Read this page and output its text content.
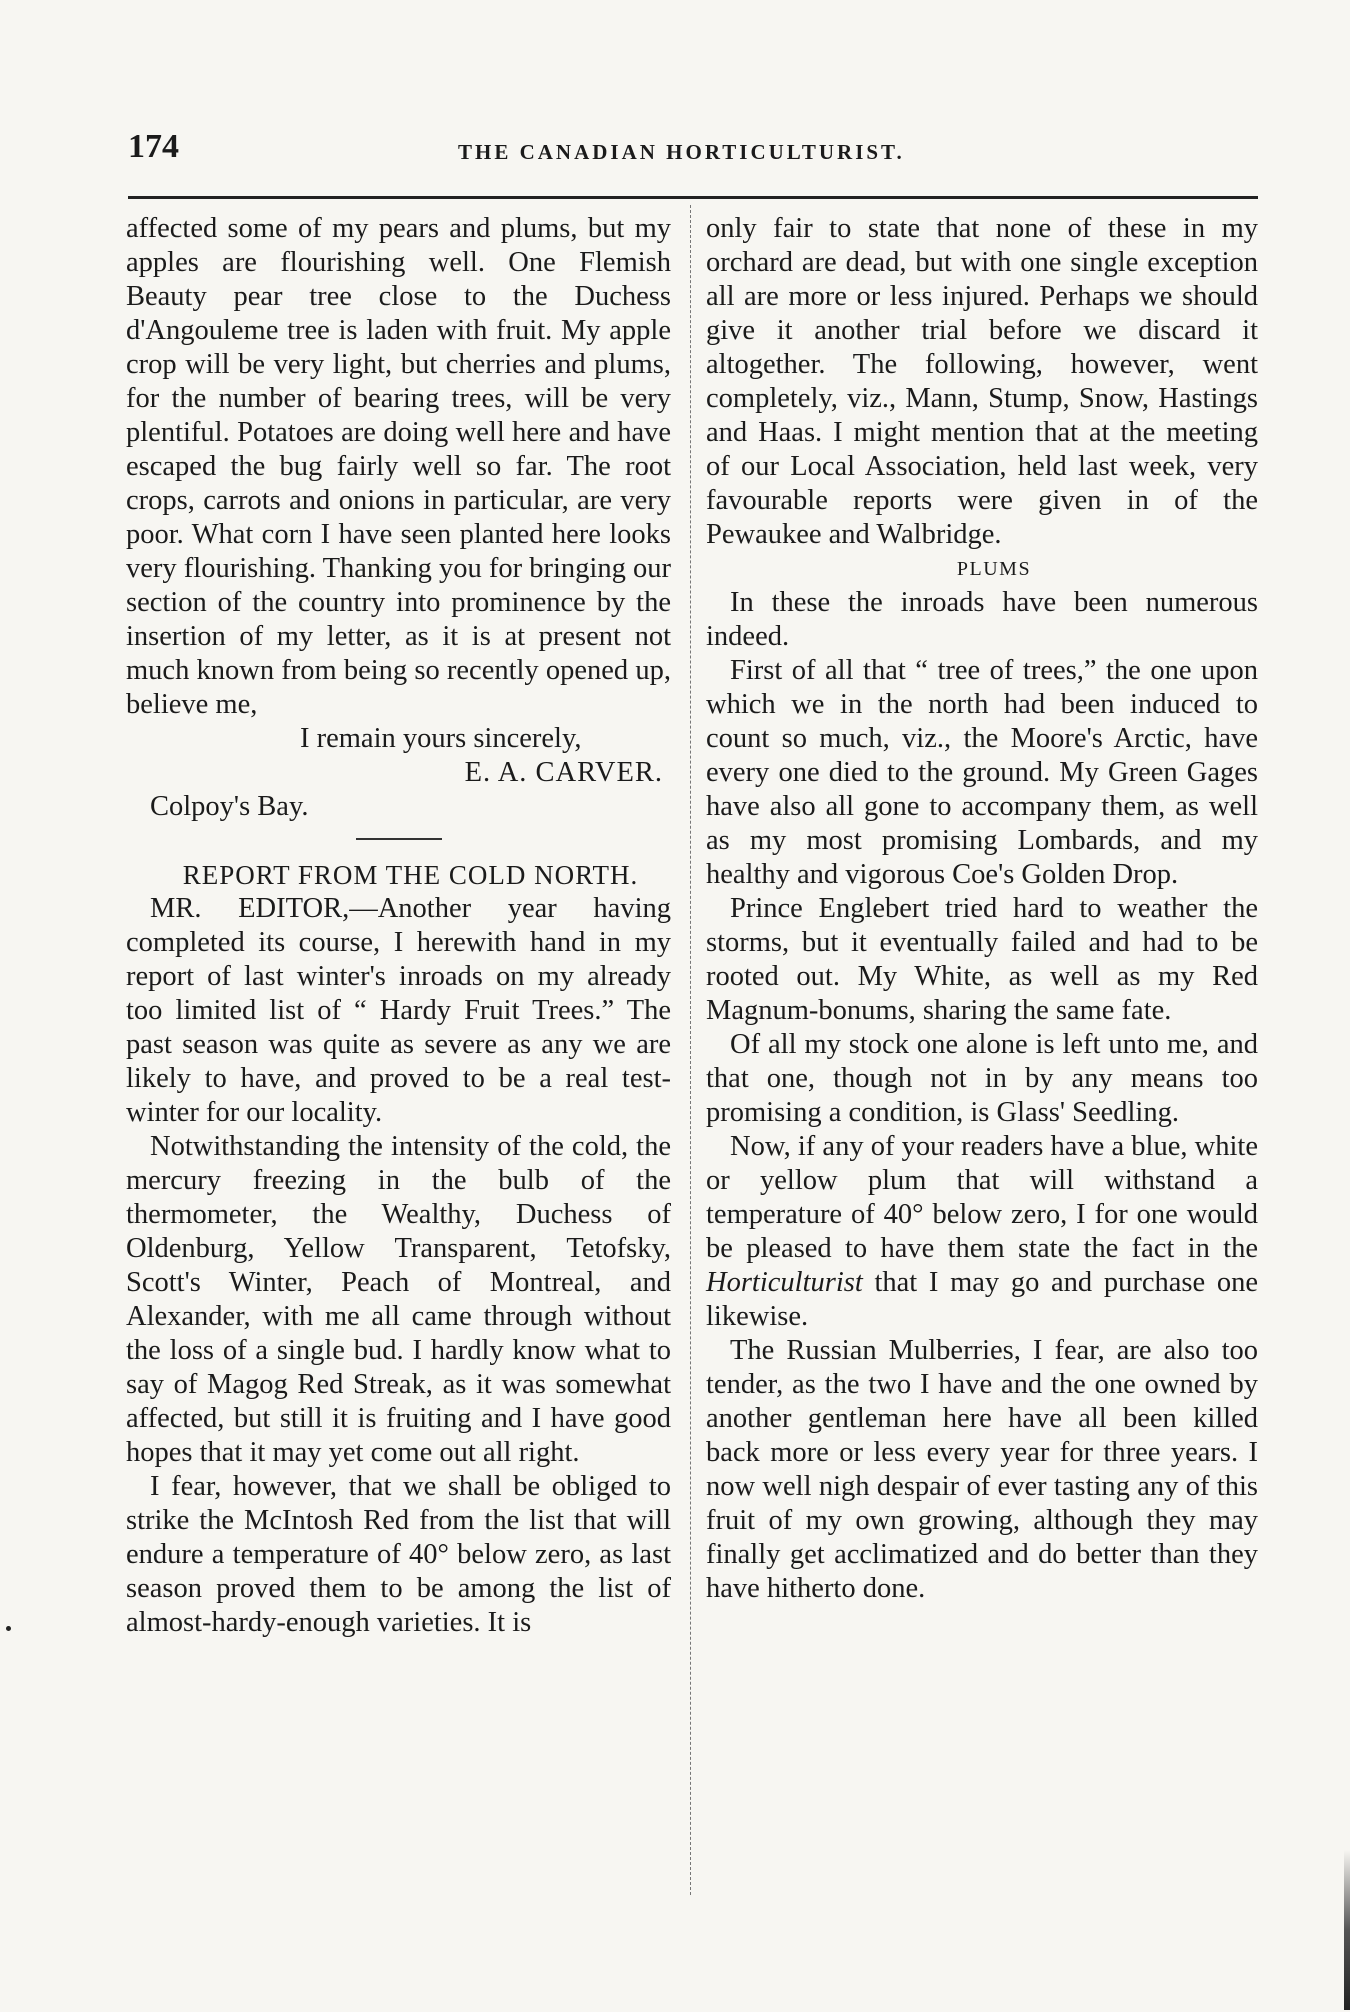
174	THE CANADIAN HORTICULTURIST.

affected some of my pears and plums, but my apples are flourishing well. One Flemish Beauty pear tree close to the Duchess d'Angouleme tree is laden with fruit. My apple crop will be very light, but cherries and plums, for the number of bearing trees, will be very plentiful. Potatoes are doing well here and have escaped the bug fairly well so far. The root crops, carrots and onions in particular, are very poor. What corn I have seen planted here looks very flourishing. Thanking you for bringing our section of the country into prominence by the insertion of my letter, as it is at present not much known from being so recently opened up, believe me,

I remain yours sincerely,

E. A. CARVER.

Colpoy's Bay.

REPORT FROM THE COLD NORTH.

MR. EDITOR,—Another year having completed its course, I herewith hand in my report of last winter's inroads on my already too limited list of “ Hardy Fruit Trees.” The past season was quite as severe as any we are likely to have, and proved to be a real test-winter for our locality.

Notwithstanding the intensity of the cold, the mercury freezing in the bulb of the thermometer, the Wealthy, Duchess of Oldenburg, Yellow Transparent, Tetofsky, Scott's Winter, Peach of Montreal, and Alexander, with me all came through without the loss of a single bud. I hardly know what to say of Magog Red Streak, as it was somewhat affected, but still it is fruiting and I have good hopes that it may yet come out all right.

I fear, however, that we shall be obliged to strike the McIntosh Red from the list that will endure a temperature of 40° below zero, as last season proved them to be among the list of almost-hardy-enough varieties. It is

only fair to state that none of these in my orchard are dead, but with one single exception all are more or less injured. Perhaps we should give it another trial before we discard it altogether. The following, however, went completely, viz., Mann, Stump, Snow, Hastings and Haas. I might mention that at the meeting of our Local Association, held last week, very favourable reports were given in of the Pewaukee and Walbridge.

PLUMS

In these the inroads have been numerous indeed.

First of all that “ tree of trees,” the one upon which we in the north had been induced to count so much, viz., the Moore's Arctic, have every one died to the ground. My Green Gages have also all gone to accompany them, as well as my most promising Lombards, and my healthy and vigorous Coe's Golden Drop.

Prince Englebert tried hard to weather the storms, but it eventually failed and had to be rooted out. My White, as well as my Red Magnum-bonums, sharing the same fate.

Of all my stock one alone is left unto me, and that one, though not in by any means too promising a condition, is Glass' Seedling.

Now, if any of your readers have a blue, white or yellow plum that will withstand a temperature of 40° below zero, I for one would be pleased to have them state the fact in the Horticulturist that I may go and purchase one likewise.

The Russian Mulberries, I fear, are also too tender, as the two I have and the one owned by another gentleman here have all been killed back more or less every year for three years. I now well nigh despair of ever tasting any of this fruit of my own growing, although they may finally get acclimatized and do better than they have hitherto done.
